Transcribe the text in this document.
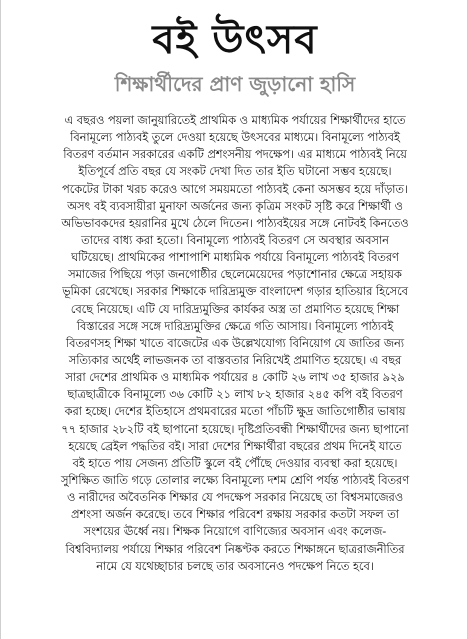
বই উৎসব
শিক্ষার্থীদের প্রাণ জুড়ানো হাসি
এ বছরও পয়লা জানুয়ারিতেই প্রাথমিক ও মাধ্যমিক পর্যায়ের শিক্ষার্থীদের হাতে
বিনামূল্যে পাঠ্যবই তুলে দেওয়া হয়েছে উৎসবের মাধ্যমে। বিনামূল্যে পাঠ্যবই
বিতরণ বর্তমান সরকারের একটি প্রশংসনীয় পদক্ষেপ। এর মাধ্যমে পাঠ্যবই নিয়ে
ইতিপূর্বে প্রতি বছর যে সংকট দেখা দিত তার ইতি ঘটানো সম্ভব হয়েছে।
পকেটের টাকা খরচ করেও আগে সময়মতো পাঠ্যবই কেনা অসম্ভব হয়ে দাঁড়াত।
অসৎ বই ব্যবসায়ীরা মুনাফা অর্জনের জন্য কৃত্রিম সংকট সৃষ্টি করে শিক্ষার্থী ও
অভিভাবকদের হয়রানির মুখে ঠেলে দিতেন। পাঠ্যবইয়ের সঙ্গে নোটবই কিনতেও
তাদের বাধ্য করা হতো। বিনামূল্যে পাঠ্যবই বিতরণ সে অবস্থার অবসান
ঘটিয়েছে। প্রাথমিকের পাশাপাশি মাধ্যমিক পর্যায়ে বিনামূল্যে পাঠ্যবই বিতরণ
সমাজের পিছিয়ে পড়া জনগোষ্ঠীর ছেলেমেয়েদের পড়াশোনার ক্ষেত্রে সহায়ক
ভূমিকা রেখেছে। সরকার শিক্ষাকে দারিদ্র্যমুক্ত বাংলাদেশ গড়ার হাতিয়ার হিসেবে
বেছে নিয়েছে। এটি যে দারিদ্র্যমুক্তির কার্যকর অস্ত্র তা প্রমাণিত হয়েছে শিক্ষা
বিস্তারের সঙ্গে সঙ্গে দারিদ্র্যমুক্তির ক্ষেত্রে গতি আসায়। বিনামূল্যে পাঠ্যবই
বিতরণসহ শিক্ষা খাতে বাজেটের এক উল্লেখযোগ্য বিনিয়োগ যে জাতির জন্য
সত্যিকার অর্থেই লাভজনক তা বাস্তবতার নিরিখেই প্রমাণিত হয়েছে। এ বছর
সারা দেশের প্রাথমিক ও মাধ্যমিক পর্যায়ের ৪ কোটি ২৬ লাখ ৩৫ হাজার ৯২৯
ছাত্রছাত্রীকে বিনামূল্যে ৩৬ কোটি ২১ লাখ ৮২ হাজার ২৪৫ কপি বই বিতরণ
করা হচ্ছে। দেশের ইতিহাসে প্রথমবারের মতো পাঁচটি ক্ষুদ্র জাতিগোষ্ঠীর ভাষায়
৭৭ হাজার ২৮২টি বই ছাপানো হয়েছে। দৃষ্টিপ্রতিবন্ধী শিক্ষার্থীদের জন্য ছাপানো
হয়েছে ব্রেইল পদ্ধতির বই। সারা দেশের শিক্ষার্থীরা বছরের প্রথম দিনেই যাতে
বই হাতে পায় সেজন্য প্রতিটি স্কুলে বই পৌঁছে দেওয়ার ব্যবস্থা করা হয়েছে।
সুশিক্ষিত জাতি গড়ে তোলার লক্ষ্যে বিনামূল্যে দশম শ্রেণি পর্যন্ত পাঠ্যবই বিতরণ
ও নারীদের অবৈতনিক শিক্ষার যে পদক্ষেপ সরকার নিয়েছে তা বিশ্বসমাজেরও
প্রশংসা অর্জন করেছে। তবে শিক্ষার পরিবেশ রক্ষায় সরকার কতটা সফল তা
সংশয়ের ঊর্ধ্বে নয়। শিক্ষক নিয়োগে বাণিজ্যের অবসান এবং কলেজ-
বিশ্ববিদ্যালয় পর্যায়ে শিক্ষার পরিবেশ নিষ্কণ্টক করতে শিক্ষাঙ্গনে ছাত্ররাজনীতির
নামে যে যথেচ্ছাচার চলছে তার অবসানেও পদক্ষেপ নিতে হবে।
